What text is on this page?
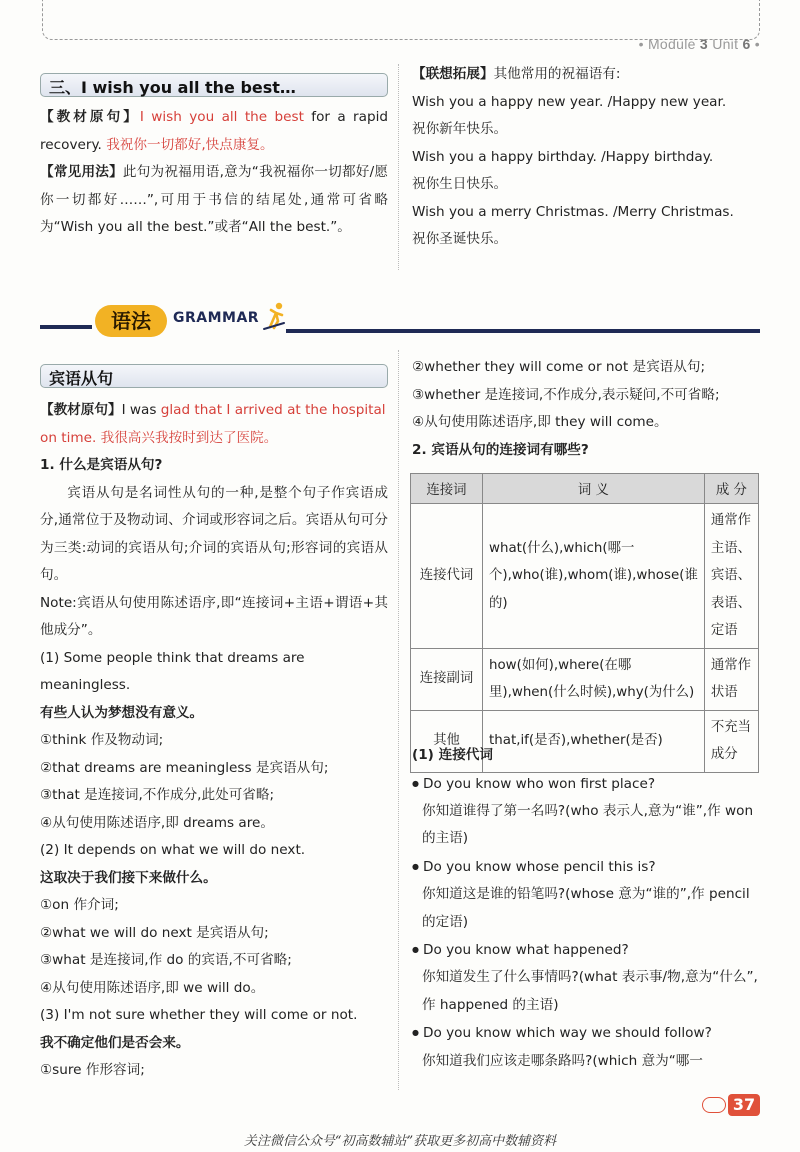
• Module 3 Unit 6 •
三、I wish you all the best…

【教材原句】I wish you all the best for a rapid recovery. 我祝你一切都好,快点康复。

【常见用法】此句为祝福用语,意为“我祝福你一切都好/愿你一切都好……”,可用于书信的结尾处,通常可省略为“Wish you all the best.”或者“All the best.”。

【联想拓展】其他常用的祝福语有:

Wish you a happy new year. /Happy new year.

祝你新年快乐。

Wish you a happy birthday. /Happy birthday.

祝你生日快乐。

Wish you a merry Christmas. /Merry Christmas.

祝你圣诞快乐。

语法	GRAMMAR
宾语从句

【教材原句】I was glad that I arrived at the hospital on time. 我很高兴我按时到达了医院。

1. 什么是宾语从句?

宾语从句是名词性从句的一种,是整个句子作宾语成分,通常位于及物动词、介词或形容词之后。宾语从句可分为三类:动词的宾语从句;介词的宾语从句;形容词的宾语从句。

Note:宾语从句使用陈述语序,即“连接词+主语+谓语+其他成分”。

(1) Some people think that dreams are meaningless.

有些人认为梦想没有意义。

①think 作及物动词;

②that dreams are meaningless 是宾语从句;

③that 是连接词,不作成分,此处可省略;

④从句使用陈述语序,即 dreams are。

(2) It depends on what we will do next.

这取决于我们接下来做什么。

①on 作介词;

②what we will do next 是宾语从句;

③what 是连接词,作 do 的宾语,不可省略;

④从句使用陈述语序,即 we will do。

(3) I'm not sure whether they will come or not.

我不确定他们是否会来。

①sure 作形容词;

②whether they will come or not 是宾语从句;

③whether 是连接词,不作成分,表示疑问,不可省略;

④从句使用陈述语序,即 they will come。

2. 宾语从句的连接词有哪些?

连接词	词 义	成 分
连接代词	what(什么),which(哪一个),who(谁),whom(谁),whose(谁的)	通常作主语、宾语、表语、定语
连接副词	how(如何),where(在哪里),when(什么时候),why(为什么)	通常作状语
其他	that,if(是否),whether(是否)	不充当成分

(1) 连接代词

● Do you know who won first place?

你知道谁得了第一名吗?(who 表示人,意为“谁”,作 won 的主语)

● Do you know whose pencil this is?

你知道这是谁的铅笔吗?(whose 意为“谁的”,作 pencil 的定语)

● Do you know what happened?

你知道发生了什么事情吗?(what 表示事/物,意为“什么”,作 happened 的主语)

● Do you know which way we should follow?

你知道我们应该走哪条路吗?(which 意为“哪一

37
关注微信公众号“初高数辅站”获取更多初高中数辅资料
